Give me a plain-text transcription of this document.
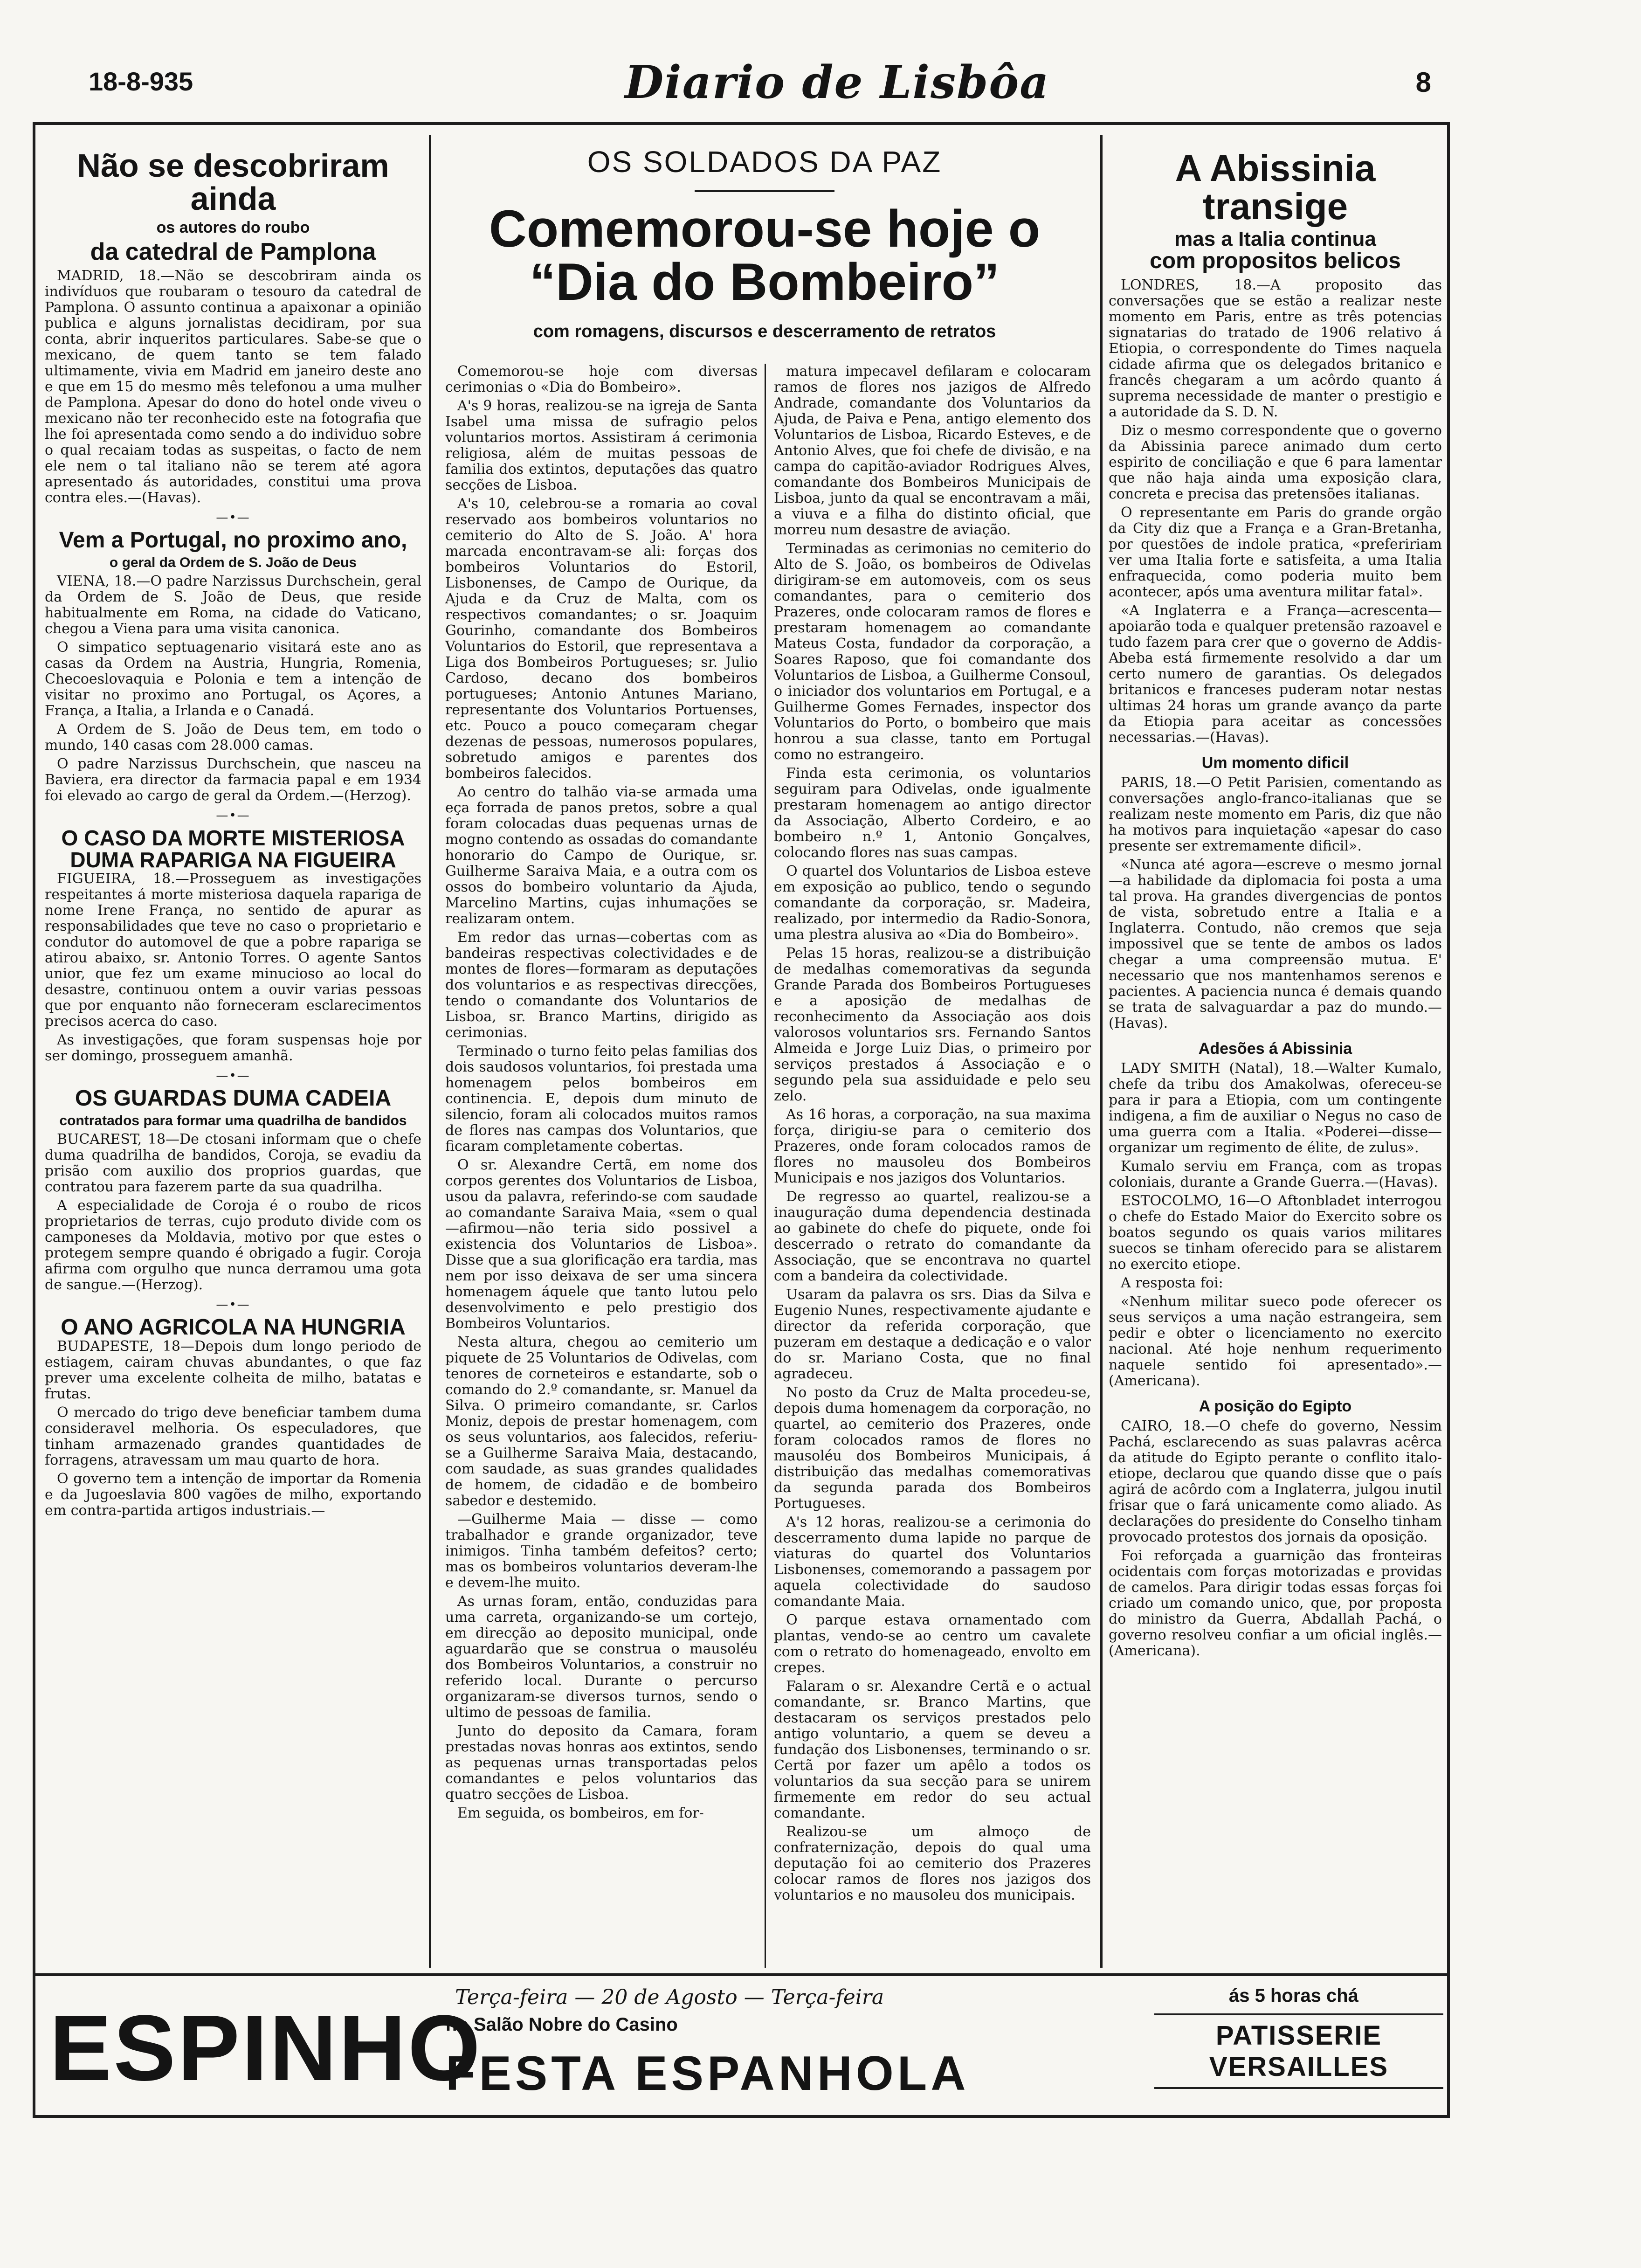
18-8-935	Diario de Lisbôa	8
Não se descobriram ainda
os autores do roubo
da catedral de Pamplona

MADRID, 18.—Não se descobriram ainda os indivíduos que roubaram o tesouro da catedral de Pamplona. O assunto continua a apaixonar a opinião publica e alguns jornalistas decidiram, por sua conta, abrir inqueritos particulares. Sabe-se que o mexicano, de quem tanto se tem falado ultimamente, vivia em Madrid em janeiro deste ano e que em 15 do mesmo mês telefonou a uma mulher de Pamplona. Apesar do dono do hotel onde viveu o mexicano não ter reconhecido este na fotografia que lhe foi apresentada como sendo a do individuo sobre o qual recaiam todas as suspeitas, o facto de nem ele nem o tal italiano não se terem até agora apresentado ás autoridades, constitui uma prova contra eles.—(Havas).

—•—
Vem a Portugal, no proximo ano,
o geral da Ordem de S. João de Deus

VIENA, 18.—O padre Narzissus Durchschein, geral da Ordem de S. João de Deus, que reside habitualmente em Roma, na cidade do Vaticano, chegou a Viena para uma visita canonica.

O simpatico septuagenario visitará este ano as casas da Ordem na Austria, Hungria, Romenia, Checoeslovaquia e Polonia e tem a intenção de visitar no proximo ano Portugal, os Açores, a França, a Italia, a Irlanda e o Canadá.

A Ordem de S. João de Deus tem, em todo o mundo, 140 casas com 28.000 camas.

O padre Narzissus Durchschein, que nasceu na Baviera, era director da farmacia papal e em 1934 foi elevado ao cargo de geral da Ordem.—(Herzog).

—•—
O CASO DA MORTE MISTERIOSA DUMA RAPARIGA NA FIGUEIRA

FIGUEIRA, 18.—Prosseguem as investigações respeitantes á morte misteriosa daquela rapariga de nome Irene França, no sentido de apurar as responsabilidades que teve no caso o proprietario e condutor do automovel de que a pobre rapariga se atirou abaixo, sr. Antonio Torres. O agente Santos unior, que fez um exame minucioso ao local do desastre, continuou ontem a ouvir varias pessoas que por enquanto não forneceram esclarecimentos precisos acerca do caso.

As investigações, que foram suspensas hoje por ser domingo, prosseguem amanhã.

—•—
OS GUARDAS DUMA CADEIA
contratados para formar uma quadrilha de bandidos

BUCAREST, 18—De ctosani informam que o chefe duma quadrilha de bandidos, Coroja, se evadiu da prisão com auxilio dos proprios guardas, que contratou para fazerem parte da sua quadrilha.

A especialidade de Coroja é o roubo de ricos proprietarios de terras, cujo produto divide com os camponeses da Moldavia, motivo por que estes o protegem sempre quando é obrigado a fugir. Coroja afirma com orgulho que nunca derramou uma gota de sangue.—(Herzog).

—•—
O ANO AGRICOLA NA HUNGRIA

BUDAPESTE, 18—Depois dum longo periodo de estiagem, cairam chuvas abundantes, o que faz prever uma excelente colheita de milho, batatas e frutas.

O mercado do trigo deve beneficiar tambem duma consideravel melhoria. Os especuladores, que tinham armazenado grandes quantidades de forragens, atravessam um mau quarto de hora.

O governo tem a intenção de importar da Romenia e da Jugoeslavia 800 vagões de milho, exportando em contra-partida artigos industriais.—

OS SOLDADOS DA PAZ
Comemorou-se hoje o “Dia do Bombeiro”
com romagens, discursos e descerramento de retratos

Comemorou-se hoje com diversas cerimonias o «Dia do Bombeiro».

A's 9 horas, realizou-se na igreja de Santa Isabel uma missa de sufragio pelos voluntarios mortos. Assistiram á cerimonia religiosa, além de muitas pessoas de familia dos extintos, deputações das quatro secções de Lisboa.

A's 10, celebrou-se a romaria ao coval reservado aos bombeiros voluntarios no cemiterio do Alto de S. João. A' hora marcada encontravam-se ali: forças dos bombeiros Voluntarios do Estoril, Lisbonenses, de Campo de Ourique, da Ajuda e da Cruz de Malta, com os respectivos comandantes; o sr. Joaquim Gourinho, comandante dos Bombeiros Voluntarios do Estoril, que representava a Liga dos Bombeiros Portugueses; sr. Julio Cardoso, decano dos bombeiros portugueses; Antonio Antunes Mariano, representante dos Voluntarios Portuenses, etc. Pouco a pouco começaram chegar dezenas de pessoas, numerosos populares, sobretudo amigos e parentes dos bombeiros falecidos.

Ao centro do talhão via-se armada uma eça forrada de panos pretos, sobre a qual foram colocadas duas pequenas urnas de mogno contendo as ossadas do comandante honorario do Campo de Ourique, sr. Guilherme Saraiva Maia, e a outra com os ossos do bombeiro voluntario da Ajuda, Marcelino Martins, cujas inhumações se realizaram ontem.

Em redor das urnas—cobertas com as bandeiras respectivas colectividades e de montes de flores—formaram as deputações dos voluntarios e as respectivas direcções, tendo o comandante dos Voluntarios de Lisboa, sr. Branco Martins, dirigido as cerimonias.

Terminado o turno feito pelas familias dos dois saudosos voluntarios, foi prestada uma homenagem pelos bombeiros em continencia. E, depois dum minuto de silencio, foram ali colocados muitos ramos de flores nas campas dos Voluntarios, que ficaram completamente cobertas.

O sr. Alexandre Certã, em nome dos corpos gerentes dos Voluntarios de Lisboa, usou da palavra, referindo-se com saudade ao comandante Saraiva Maia, «sem o qual—afirmou—não teria sido possivel a existencia dos Voluntarios de Lisboa». Disse que a sua glorificação era tardia, mas nem por isso deixava de ser uma sincera homenagem áquele que tanto lutou pelo desenvolvimento e pelo prestigio dos Bombeiros Voluntarios.

Nesta altura, chegou ao cemiterio um piquete de 25 Voluntarios de Odivelas, com tenores de corneteiros e estandarte, sob o comando do 2.º comandante, sr. Manuel da Silva. O primeiro comandante, sr. Carlos Moniz, depois de prestar homenagem, com os seus voluntarios, aos falecidos, referiu-se a Guilherme Saraiva Maia, destacando, com saudade, as suas grandes qualidades de homem, de cidadão e de bombeiro sabedor e destemido.

—Guilherme Maia — disse — como trabalhador e grande organizador, teve inimigos. Tinha também defeitos? certo; mas os bombeiros voluntarios deveram-lhe e devem-lhe muito.

As urnas foram, então, conduzidas para uma carreta, organizando-se um cortejo, em direcção ao deposito municipal, onde aguardarão que se construa o mausoléu dos Bombeiros Voluntarios, a construir no referido local. Durante o percurso organizaram-se diversos turnos, sendo o ultimo de pessoas de familia.

Junto do deposito da Camara, foram prestadas novas honras aos extintos, sendo as pequenas urnas transportadas pelos comandantes e pelos voluntarios das quatro secções de Lisboa.

Em seguida, os bombeiros, em for-

matura impecavel defilaram e colocaram ramos de flores nos jazigos de Alfredo Andrade, comandante dos Voluntarios da Ajuda, de Paiva e Pena, antigo elemento dos Voluntarios de Lisboa, Ricardo Esteves, e de Antonio Alves, que foi chefe de divisão, e na campa do capitão-aviador Rodrigues Alves, comandante dos Bombeiros Municipais de Lisboa, junto da qual se encontravam a mãi, a viuva e a filha do distinto oficial, que morreu num desastre de aviação.

Terminadas as cerimonias no cemiterio do Alto de S. João, os bombeiros de Odivelas dirigiram-se em automoveis, com os seus comandantes, para o cemiterio dos Prazeres, onde colocaram ramos de flores e prestaram homenagem ao comandante Mateus Costa, fundador da corporação, a Soares Raposo, que foi comandante dos Voluntarios de Lisboa, a Guilherme Consoul, o iniciador dos voluntarios em Portugal, e a Guilherme Gomes Fernades, inspector dos Voluntarios do Porto, o bombeiro que mais honrou a sua classe, tanto em Portugal como no estrangeiro.

Finda esta cerimonia, os voluntarios seguiram para Odivelas, onde igualmente prestaram homenagem ao antigo director da Associação, Alberto Cordeiro, e ao bombeiro n.º 1, Antonio Gonçalves, colocando flores nas suas campas.

O quartel dos Voluntarios de Lisboa esteve em exposição ao publico, tendo o segundo comandante da corporação, sr. Madeira, realizado, por intermedio da Radio-Sonora, uma plestra alusiva ao «Dia do Bombeiro».

Pelas 15 horas, realizou-se a distribuição de medalhas comemorativas da segunda Grande Parada dos Bombeiros Portugueses e a aposição de medalhas de reconhecimento da Associação aos dois valorosos voluntarios srs. Fernando Santos Almeida e Jorge Luiz Dias, o primeiro por serviços prestados á Associação e o segundo pela sua assiduidade e pelo seu zelo.

As 16 horas, a corporação, na sua maxima força, dirigiu-se para o cemiterio dos Prazeres, onde foram colocados ramos de flores no mausoleu dos Bombeiros Municipais e nos jazigos dos Voluntarios.

De regresso ao quartel, realizou-se a inauguração duma dependencia destinada ao gabinete do chefe do piquete, onde foi descerrado o retrato do comandante da Associação, que se encontrava no quartel com a bandeira da colectividade.

Usaram da palavra os srs. Dias da Silva e Eugenio Nunes, respectivamente ajudante e director da referida corporação, que puzeram em destaque a dedicação e o valor do sr. Mariano Costa, que no final agradeceu.

No posto da Cruz de Malta procedeu-se, depois duma homenagem da corporação, no quartel, ao cemiterio dos Prazeres, onde foram colocados ramos de flores no mausoléu dos Bombeiros Municipais, á distribuição das medalhas comemorativas da segunda parada dos Bombeiros Portugueses.

A's 12 horas, realizou-se a cerimonia do descerramento duma lapide no parque de viaturas do quartel dos Voluntarios Lisbonenses, comemorando a passagem por aquela colectividade do saudoso comandante Maia.

O parque estava ornamentado com plantas, vendo-se ao centro um cavalete com o retrato do homenageado, envolto em crepes.

Falaram o sr. Alexandre Certã e o actual comandante, sr. Branco Martins, que destacaram os serviços prestados pelo antigo voluntario, a quem se deveu a fundação dos Lisbonenses, terminando o sr. Certã por fazer um apêlo a todos os voluntarios da sua secção para se unirem firmemente em redor do seu actual comandante.

Realizou-se um almoço de confraternização, depois do qual uma deputação foi ao cemiterio dos Prazeres colocar ramos de flores nos jazigos dos voluntarios e no mausoleu dos municipais.

A Abissinia transige
mas a Italia continua
com propositos belicos

LONDRES, 18.—A proposito das conversações que se estão a realizar neste momento em Paris, entre as três potencias signatarias do tratado de 1906 relativo á Etiopia, o correspondente do Times naquela cidade afirma que os delegados britanico e francês chegaram a um acôrdo quanto á suprema necessidade de manter o prestigio e a autoridade da S. D. N.

Diz o mesmo correspondente que o governo da Abissinia parece animado dum certo espirito de conciliação e que 6 para lamentar que não haja ainda uma exposição clara, concreta e precisa das pretensões italianas.

O representante em Paris do grande orgão da City diz que a França e a Gran-Bretanha, por questões de indole pratica, «prefeririam ver uma Italia forte e satisfeita, a uma Italia enfraquecida, como poderia muito bem acontecer, após uma aventura militar fatal».

«A Inglaterra e a França—acrescenta—apoiarão toda e qualquer pretensão razoavel e tudo fazem para crer que o governo de Addis-Abeba está firmemente resolvido a dar um certo numero de garantias. Os delegados britanicos e franceses puderam notar nestas ultimas 24 horas um grande avanço da parte da Etiopia para aceitar as concessões necessarias.—(Havas).

Um momento dificil

PARIS, 18.—O Petit Parisien, comentando as conversações anglo-franco-italianas que se realizam neste momento em Paris, diz que não ha motivos para inquietação «apesar do caso presente ser extremamente dificil».

«Nunca até agora—escreve o mesmo jornal—a habilidade da diplomacia foi posta a uma tal prova. Ha grandes divergencias de pontos de vista, sobretudo entre a Italia e a Inglaterra. Contudo, não cremos que seja impossivel que se tente de ambos os lados chegar a uma compreensão mutua. E' necessario que nos mantenhamos serenos e pacientes. A paciencia nunca é demais quando se trata de salvaguardar a paz do mundo.—(Havas).

Adesões á Abissinia

LADY SMITH (Natal), 18.—Walter Kumalo, chefe da tribu dos Amakolwas, ofereceu-se para ir para a Etiopia, com um contingente indigena, a fim de auxiliar o Negus no caso de uma guerra com a Italia. «Poderei—disse—organizar um regimento de élite, de zulus».

Kumalo serviu em França, com as tropas coloniais, durante a Grande Guerra.—(Havas).

ESTOCOLMO, 16—O Aftonbladet interrogou o chefe do Estado Maior do Exercito sobre os boatos segundo os quais varios militares suecos se tinham oferecido para se alistarem no exercito etiope.

A resposta foi:

«Nenhum militar sueco pode oferecer os seus serviços a uma nação estrangeira, sem pedir e obter o licenciamento no exercito nacional. Até hoje nenhum requerimento naquele sentido foi apresentado».—(Americana).

A posição do Egipto

CAIRO, 18.—O chefe do governo, Nessim Pachá, esclarecendo as suas palavras acêrca da atitude do Egipto perante o conflito italo-etiope, declarou que quando disse que o país agirá de acôrdo com a Inglaterra, julgou inutil frisar que o fará unicamente como aliado. As declarações do presidente do Conselho tinham provocado protestos dos jornais da oposição.

Foi reforçada a guarnição das fronteiras ocidentais com forças motorizadas e providas de camelos. Para dirigir todas essas forças foi criado um comando unico, que, por proposta do ministro da Guerra, Abdallah Pachá, o governo resolveu confiar a um oficial inglês.—(Americana).

ESPINHO
Terça-feira — 20 de Agosto — Terça-feira
no Salão Nobre do Casino
FESTA ESPANHOLA
ás 5 horas chá
PATISSERIE VERSAILLES
